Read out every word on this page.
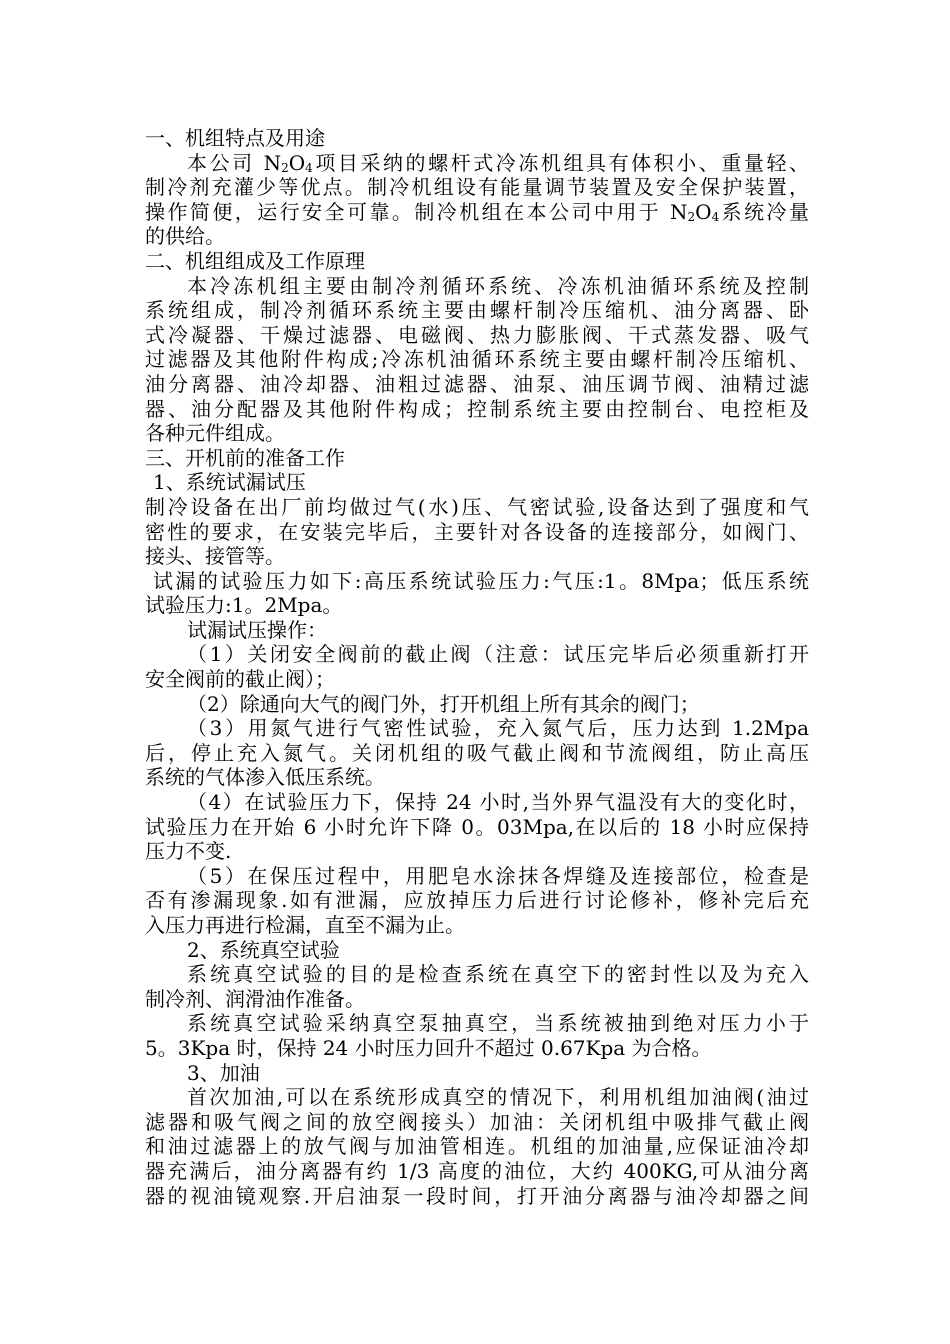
一、机组特点及用途
本公司 $N_2O_4$项目采纳的螺杆式冷冻机组具有体积小、重量轻、
制冷剂充灌少等优点。制冷机组设有能量调节装置及安全保护装置，
操作简便，运行安全可靠。制冷机组在本公司中用于 $N_2O_4$系统冷量
的供给。
二、机组组成及工作原理
本冷冻机组主要由制冷剂循环系统、冷冻机油循环系统及控制
系统组成，制冷剂循环系统主要由螺杆制冷压缩机、油分离器、卧
式冷凝器、干燥过滤器、电磁阀、热力膨胀阀、干式蒸发器、吸气
过滤器及其他附件构成;冷冻机油循环系统主要由螺杆制冷压缩机、
油分离器、油冷却器、油粗过滤器、油泵、油压调节阀、油精过滤
器、油分配器及其他附件构成；控制系统主要由控制台、电控柜及
各种元件组成。
三、开机前的准备工作
1、系统试漏试压
制冷设备在出厂前均做过气(水)压、气密试验,设备达到了强度和气
密性的要求，在安装完毕后，主要针对各设备的连接部分，如阀门、
接头、接管等。
试漏的试验压力如下:高压系统试验压力:气压:1。8Mpa；低压系统
试验压力:1。2Mpa。
试漏试压操作：
（1）关闭安全阀前的截止阀（注意：试压完毕后必须重新打开
安全阀前的截止阀）；
（2）除通向大气的阀门外，打开机组上所有其余的阀门；
（3）用氮气进行气密性试验，充入氮气后，压力达到 1.2Mpa
后，停止充入氮气。关闭机组的吸气截止阀和节流阀组，防止高压
系统的气体渗入低压系统。
（4）在试验压力下，保持 24 小时,当外界气温没有大的变化时，
试验压力在开始 6 小时允许下降 0。03Mpa,在以后的 18 小时应保持
压力不变.
（5）在保压过程中，用肥皂水涂抹各焊缝及连接部位，检查是
否有渗漏现象.如有泄漏，应放掉压力后进行讨论修补，修补完后充
入压力再进行检漏，直至不漏为止。
2、系统真空试验
系统真空试验的目的是检查系统在真空下的密封性以及为充入
制冷剂、润滑油作准备。
系统真空试验采纳真空泵抽真空，当系统被抽到绝对压力小于
5。3Kpa 时，保持 24 小时压力回升不超过 0.67Kpa 为合格。
3、加油
首次加油,可以在系统形成真空的情况下，利用机组加油阀(油过
滤器和吸气阀之间的放空阀接头）加油：关闭机组中吸排气截止阀
和油过滤器上的放气阀与加油管相连。机组的加油量,应保证油冷却
器充满后，油分离器有约 1/3 高度的油位，大约 400KG,可从油分离
器的视油镜观察.开启油泵一段时间，打开油分离器与油冷却器之间
